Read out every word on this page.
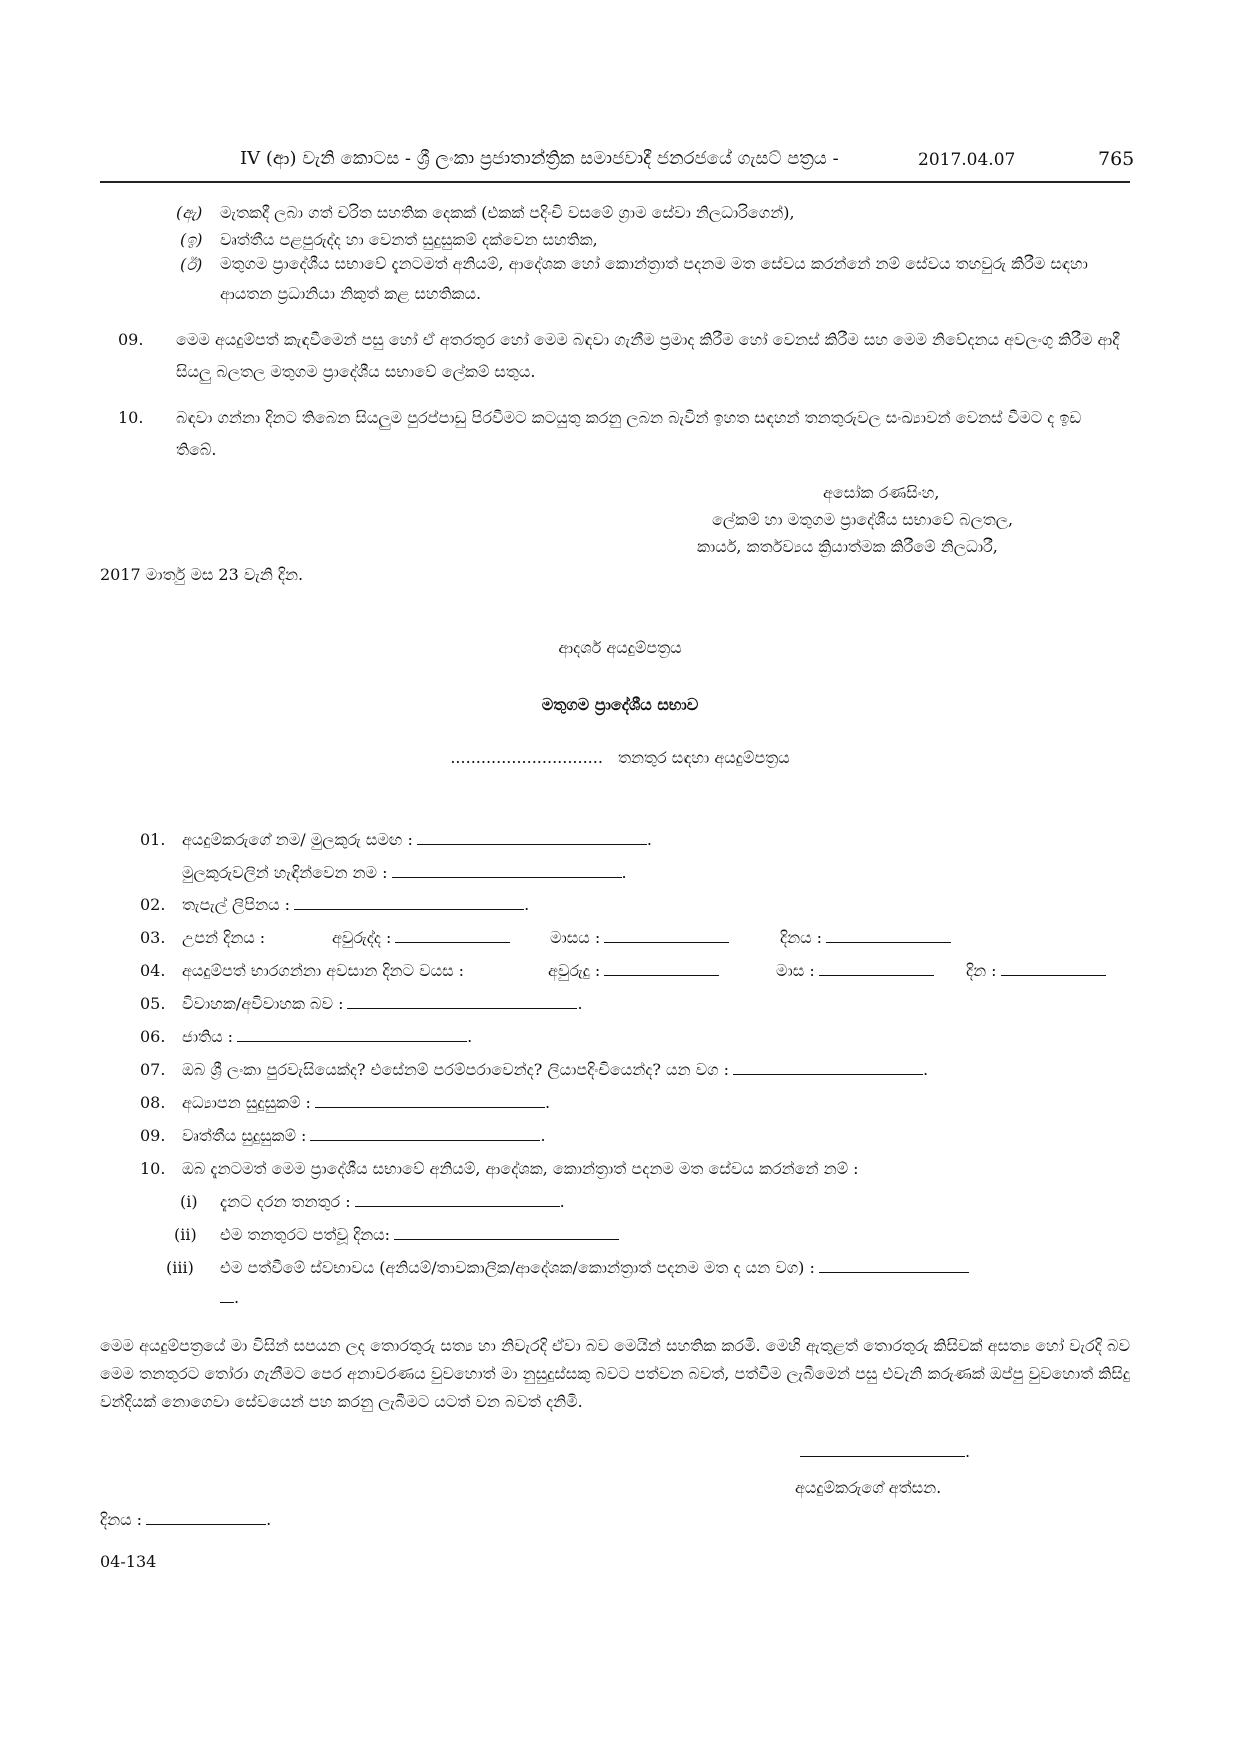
IV (ආ) වැනි කොටස - ශ්‍රී ලංකා ප්‍රජාතාන්ත්‍රික සමාජවාදී ජනරජයේ ගැසට් පත්‍රය -	2017.04.07	765
(ඇ) මැතකදී ලබා ගත් චරිත සහතික දෙකක් (එකක් පදිංචි වසමේ ග්‍රාම සේවා නිලධාරිගෙන්),
(ඉ) වෘත්තීය පළපුරුද්ද හා වෙනත් සුදුසුකම් දක්වෙන සහතික,
(ඊ) මතුගම ප්‍රාදේශීය සභාවේ දැනටමත් අනියම්, ආදේශක හෝ කොන්ත්‍රාත් පදනම මත සේවය කරන්නේ නම් සේවය තහවුරු කිරීම සඳහා ආයතන ප්‍රධානියා නිකුත් කළ සහතිකය.
09. මෙම අයදුම්පත් කැඳවීමෙන් පසු හෝ ඒ අතරතුර හෝ මෙම බඳවා ගැනීම ප්‍රමාද කිරීම හෝ වෙනස් කිරීම සහ මෙම නිවේදනය අවලංගු කිරීම ආදී සියලු බලතල මතුගම ප්‍රාදේශීය සභාවේ ලේකම් සතුය.
10. බඳවා ගන්නා දිනට තිබෙන සියලුම පුරප්පාඩු පිරවීමට කටයුතු කරනු ලබන බැවින් ඉහත සඳහන් තනතුරුවල සංඛ්‍යාවන් වෙනස් වීමට ද ඉඩ තිබේ.
අසෝක රණසිංහ,
ලේකම් හා මතුගම ප්‍රාදේශීය සභාවේ බලතල,
කාර්ය, කර්තව්‍යය ක්‍රියාත්මක කිරීමේ නිලධාරී,
2017 මාර්තු මස 23 වැනි දින.
ආදර්ශ අයදුම්පත්‍රය
මතුගම ප්‍රාදේශීය සභාව
.............................. තනතුර සඳහා අයදුම්පත්‍රය
01. අයදුම්කරුගේ නම/ මුලකුරු සමඟ :	.
මුලකුරුවලින් හැඳින්වෙන නම :	.
02. තැපැල් ලිපිනය :	.
03. උපන් දිනය :	අවුරුද්ද :	මාසය :	දිනය :
04. අයදුම්පත් භාරගන්නා අවසාන දිනට වයස :	අවුරුදු :	මාස :	දින :
05. විවාහක/අවිවාහක බව :	.
06. ජාතිය :	.
07. ඔබ ශ්‍රී ලංකා පුරවැසියෙක්ද? එසේනම් පරම්පරාවෙන්ද? ලියාපදිංචියෙන්ද? යන වග :	.
08. අධ්‍යාපන සුදුසුකම් :	.
09. වෘත්තීය සුදුසුකම් :	.
10. ඔබ දැනටමත් මෙම ප්‍රාදේශීය සභාවේ අනියම්, ආදේශක, කොන්ත්‍රාත් පදනම මත සේවය කරන්නේ නම් :
(i) දැනට දරන තනතුර :	.
(ii) එම තනතුරට පත්වූ දිනය:
(iii) එම පත්වීමේ ස්වභාවය (අනියම්/තාවකාලික/ආදේශක/කොන්ත්‍රාත් පදනම මත ද යන වග) :
.
මෙම අයදුම්පත්‍රයේ මා විසින් සපයන ලද තොරතුරු සත්‍ය හා නිවැරදි ඒවා බව මෙයින් සහතික කරමි. මෙහි ඇතුළත් තොරතුරු කිසිවක් අසත්‍ය හෝ වැරදි බව මෙම තනතුරට තෝරා ගැනීමට පෙර අනාවරණය වුවහොත් මා නුසුදුස්සකු බවට පත්වන බවත්, පත්වීම ලැබීමෙන් පසු එවැනි කරුණක් ඔප්පු වුවහොත් කිසිදු වන්දියක් නොගෙවා සේවයෙන් පහ කරනු ලැබීමට යටත් වන බවත් දනිමි.
.
අයදුම්කරුගේ අත්සන.
දිනය :	.
04-134
